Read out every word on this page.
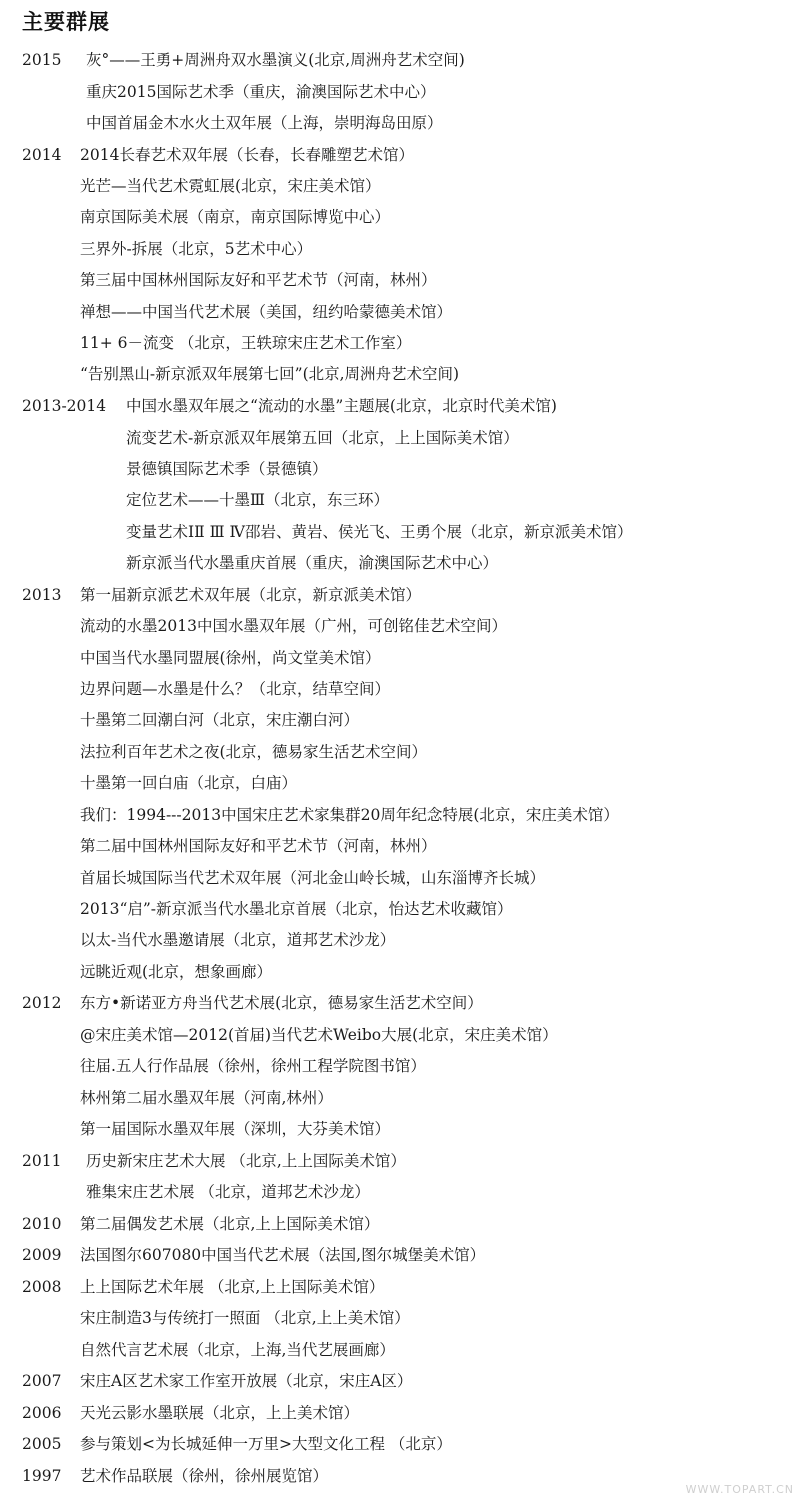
主要群展
2015 灰°——王勇+周洲舟双水墨演义(北京,周洲舟艺术空间)
重庆2015国际艺术季（重庆，渝澳国际艺术中心）
中国首届金木水火土双年展（上海，崇明海岛田原）
2014 2014长春艺术双年展（长春，长春雕塑艺术馆）
光芒—当代艺术霓虹展(北京，宋庄美术馆）
南京国际美术展（南京，南京国际博览中心）
三界外-拆展（北京，5艺术中心）
第三届中国林州国际友好和平艺术节（河南，林州）
禅想——中国当代艺术展（美国，纽约哈蒙德美术馆）
11+ 6－流变 （北京，王轶琼宋庄艺术工作室）
“告别黑山-新京派双年展第七回”(北京,周洲舟艺术空间)
2013-2014 中国水墨双年展之“流动的水墨”主题展(北京，北京时代美术馆)
流变艺术-新京派双年展第五回（北京，上上国际美术馆）
景德镇国际艺术季（景德镇）
定位艺术——十墨Ⅲ（北京，东三环）
变量艺术ⅠⅡ Ⅲ Ⅳ邵岩、黄岩、侯光飞、王勇个展（北京，新京派美术馆）
新京派当代水墨重庆首展（重庆，渝澳国际艺术中心）
2013 第一届新京派艺术双年展（北京，新京派美术馆）
流动的水墨2013中国水墨双年展（广州，可创铭佳艺术空间）
中国当代水墨同盟展(徐州，尚文堂美术馆）
边界问题—水墨是什么？（北京，结草空间）
十墨第二回潮白河（北京，宋庄潮白河）
法拉利百年艺术之夜(北京，德易家生活艺术空间）
十墨第一回白庙（北京，白庙）
我们：1994---2013中国宋庄艺术家集群20周年纪念特展(北京，宋庄美术馆）
第二届中国林州国际友好和平艺术节（河南，林州）
首届长城国际当代艺术双年展（河北金山岭长城，山东淄博齐长城）
2013“启”-新京派当代水墨北京首展（北京，怡达艺术收藏馆）
以太-当代水墨邀请展（北京，道邦艺术沙龙）
远眺近观(北京，想象画廊）
2012 东方•新诺亚方舟当代艺术展(北京，德易家生活艺术空间）
@宋庄美术馆—2012(首届)当代艺术Weibo大展(北京，宋庄美术馆）
往届.五人行作品展（徐州，徐州工程学院图书馆）
林州第二届水墨双年展（河南,林州）
第一届国际水墨双年展（深圳，大芬美术馆）
2011 历史新宋庄艺术大展 （北京,上上国际美术馆）
雅集宋庄艺术展 （北京，道邦艺术沙龙）
2010 第二届偶发艺术展（北京,上上国际美术馆）
2009 法国图尔607080中国当代艺术展（法国,图尔城堡美术馆）
2008 上上国际艺术年展 （北京,上上国际美术馆）
宋庄制造3与传统打一照面 （北京,上上美术馆）
自然代言艺术展（北京，上海,当代艺展画廊）
2007 宋庄A区艺术家工作室开放展（北京，宋庄A区）
2006 天光云影水墨联展（北京，上上美术馆）
2005 参与策划<为长城延伸一万里>大型文化工程 （北京）
1997 艺术作品联展（徐州，徐州展览馆）
WWW.TOPART.CN
